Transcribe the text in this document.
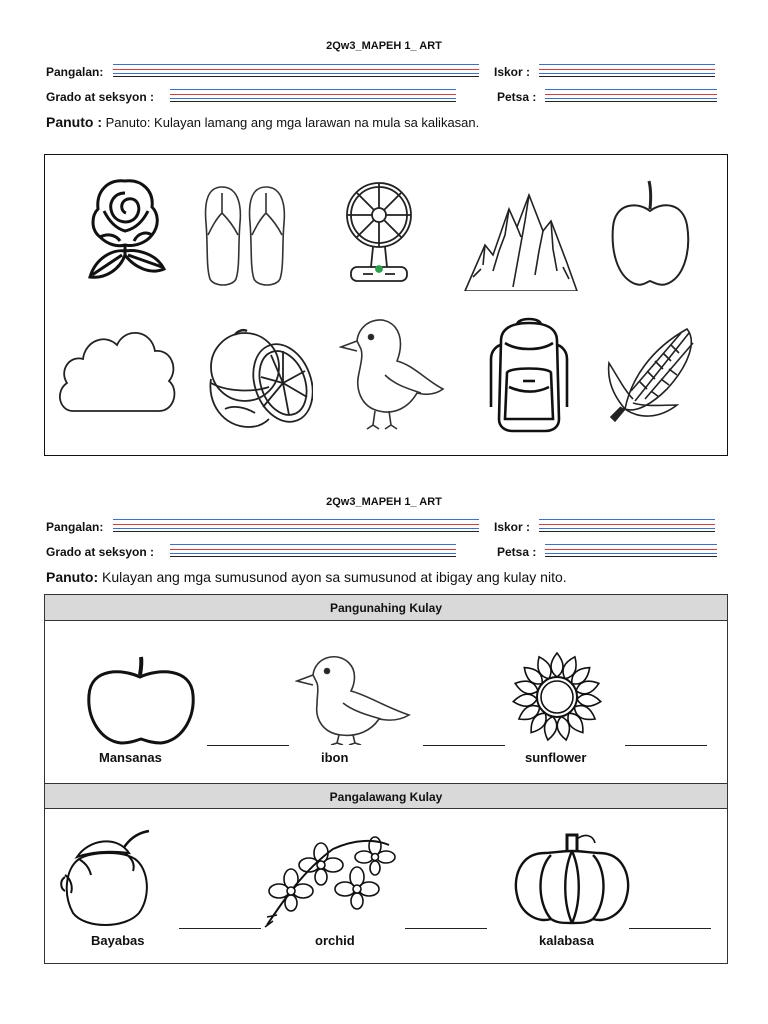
2Qw3_MAPEH 1_ ART
Pangalan:	Iskor :
Grado at seksyon :	Petsa :
Panuto : Panuto: Kulayan lamang ang mga larawan na mula sa kalikasan.
2Qw3_MAPEH 1_ ART
Pangalan:	Iskor :
Grado at seksyon :	Petsa :
Panuto: Kulayan ang mga sumusunod ayon sa sumusunod at ibigay ang kulay nito.
Pangunahing Kulay
Pangalawang Kulay
Mansanas	ibon	sunflower
Bayabas	orchid	kalabasa
